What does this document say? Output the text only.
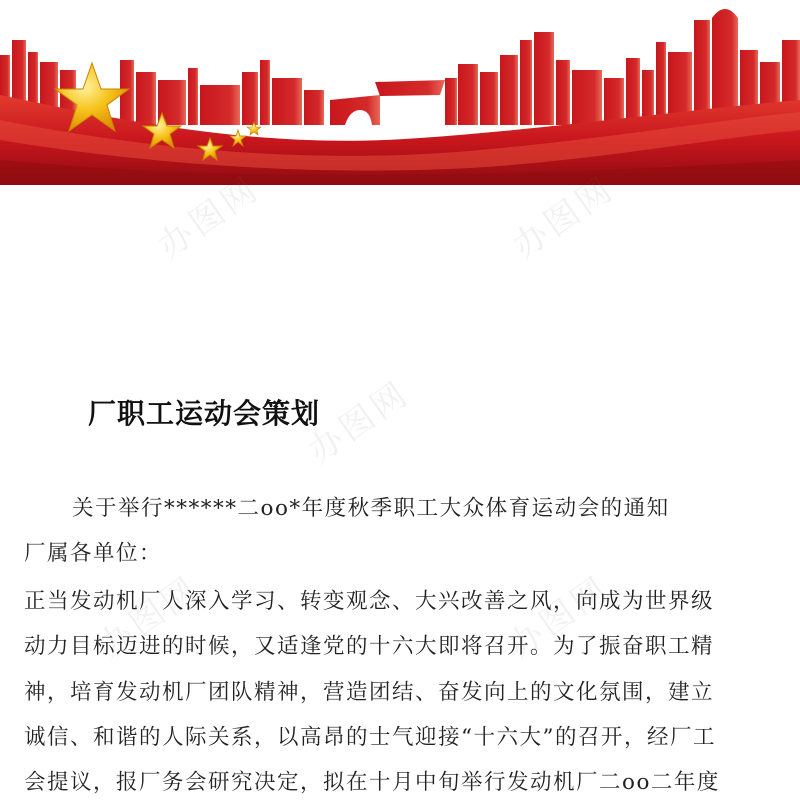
办图网	办图网
办图网
办图网
办图网
厂职工运动会策划

关于举行******二oo*年度秋季职工大众体育运动会的通知

厂属各单位：

正当发动机厂人深入学习、转变观念、大兴改善之风，向成为世界级

动力目标迈进的时候，又适逢党的十六大即将召开。为了振奋职工精

神，培育发动机厂团队精神，营造团结、奋发向上的文化氛围，建立

诚信、和谐的人际关系，以高昂的士气迎接“十六大”的召开，经厂工

会提议，报厂务会研究决定，拟在十月中旬举行发动机厂二oo二年度
